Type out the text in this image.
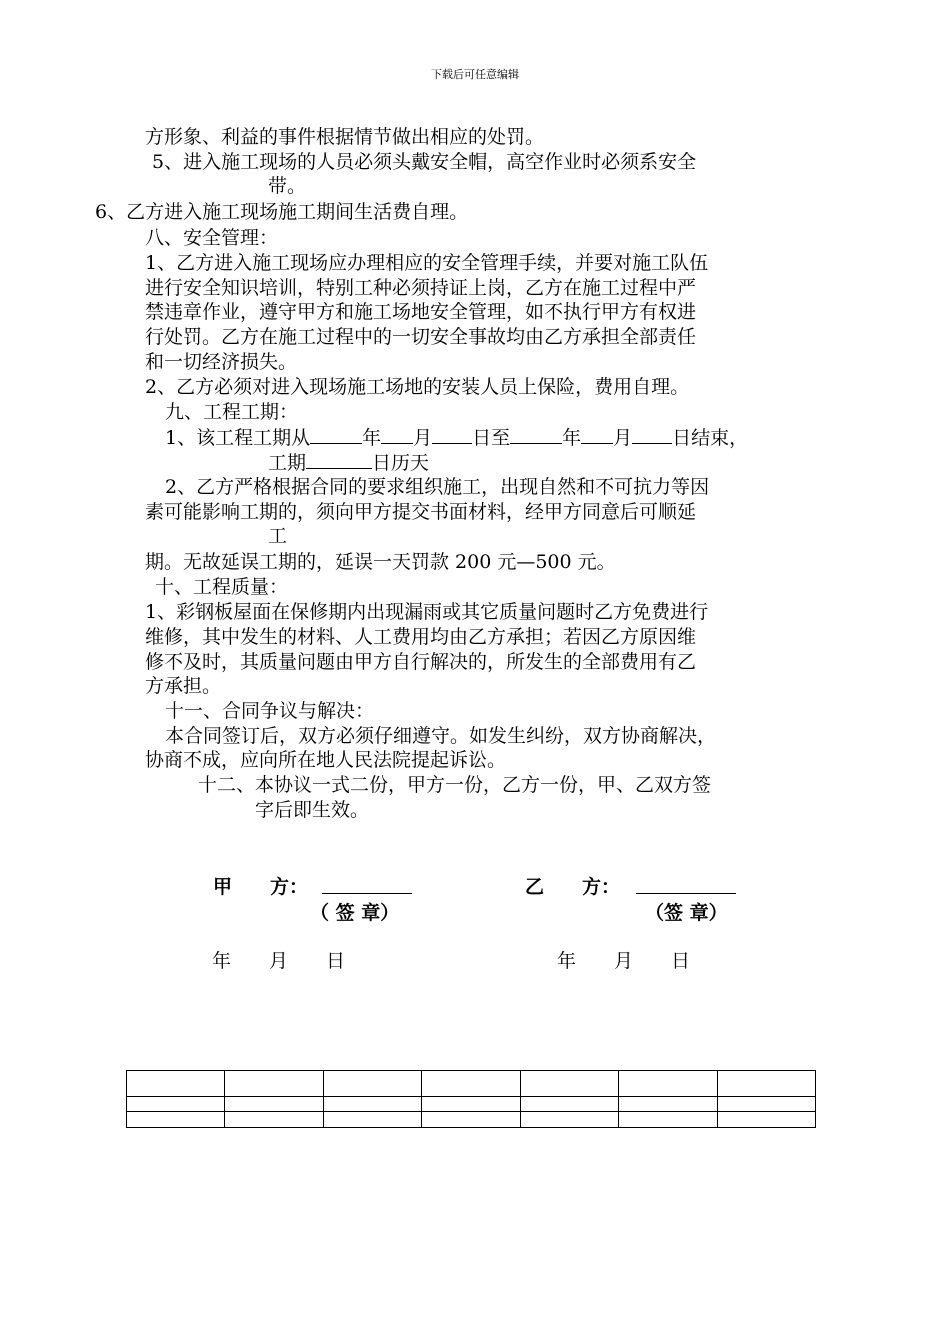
下载后可任意编辑
方形象、利益的事件根据情节做出相应的处罚。
5、进入施工现场的人员必须头戴安全帽，高空作业时必须系安全
带。
6、乙方进入施工现场施工期间生活费自理。
八、安全管理：
1、乙方进入施工现场应办理相应的安全管理手续，并要对施工队伍
进行安全知识培训，特别工种必须持证上岗，乙方在施工过程中严
禁违章作业，遵守甲方和施工场地安全管理，如不执行甲方有权进
行处罚。乙方在施工过程中的一切安全事故均由乙方承担全部责任
和一切经济损失。
2、乙方必须对进入现场施工场地的安装人员上保险，费用自理。
九、工程工期：
1、该工程工期从	年 月 日至	年 月 日结束，
工期	日历天
2、乙方严格根据合同的要求组织施工，出现自然和不可抗力等因
素可能影响工期的，须向甲方提交书面材料，经甲方同意后可顺延
工
期。无故延误工期的，延误一天罚款 200 元—500 元。
十、工程质量：
1、彩钢板屋面在保修期内出现漏雨或其它质量问题时乙方免费进行
维修，其中发生的材料、人工费用均由乙方承担；若因乙方原因维
修不及时，其质量问题由甲方自行解决的，所发生的全部费用有乙
方承担。
十一、合同争议与解决：
本合同签订后，双方必须仔细遵守。如发生纠纷，双方协商解决，
协商不成，应向所在地人民法院提起诉讼。
十二、本协议一式二份，甲方一份，乙方一份，甲、乙双方签
字后即生效。
甲　　方：	乙　　方：
（ 签 章）	（签 章）
年　　月　　日	年　　月　　日
